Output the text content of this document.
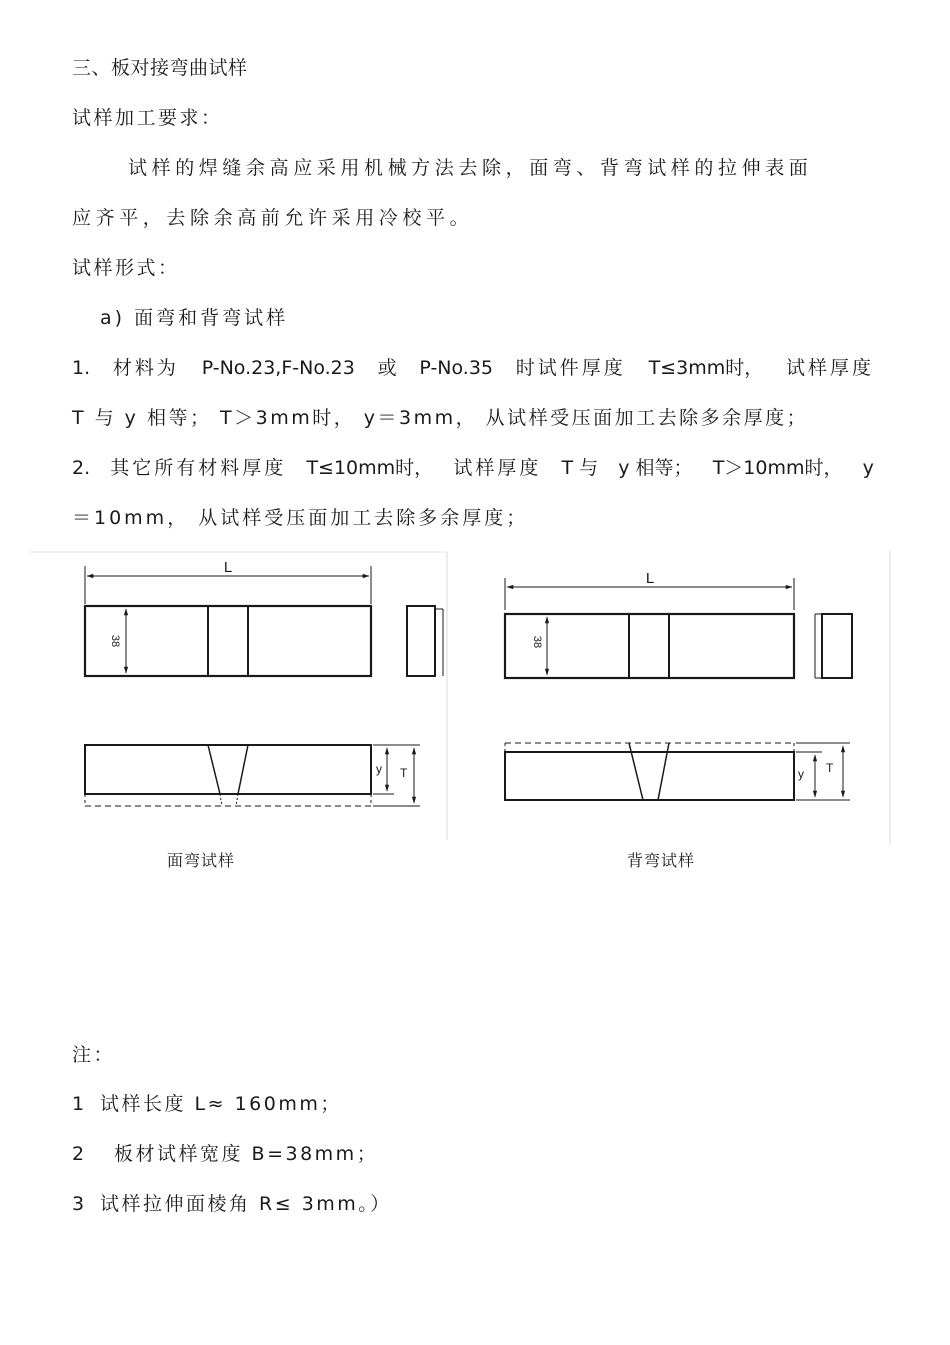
三、板对接弯曲试样
试样加工要求：
试样的焊缝余高应采用机械方法去除，面弯、背弯试样的拉伸表面
应齐平，去除余高前允许采用冷校平。
试样形式：
a) 面弯和背弯试样
1. 材料为 P-No.23,F-No.23 或 P-No.35 时试件厚度 T≤3mm时， 试样厚度
T 与 y 相等； T＞3mm时， y＝3mm， 从试样受压面加工去除多余厚度；
2. 其它所有材料厚度 T≤10mm时， 试样厚度 T 与 y 相等； T＞10mm时， y
＝10mm， 从试样受压面加工去除多余厚度；
L
38
y T
L
38
y T
面弯试样	背弯试样
注：
1 试样长度 L≈ 160mm；
2 板材试样宽度 B=38mm；
3 试样拉伸面棱角 R≤ 3mm。）
